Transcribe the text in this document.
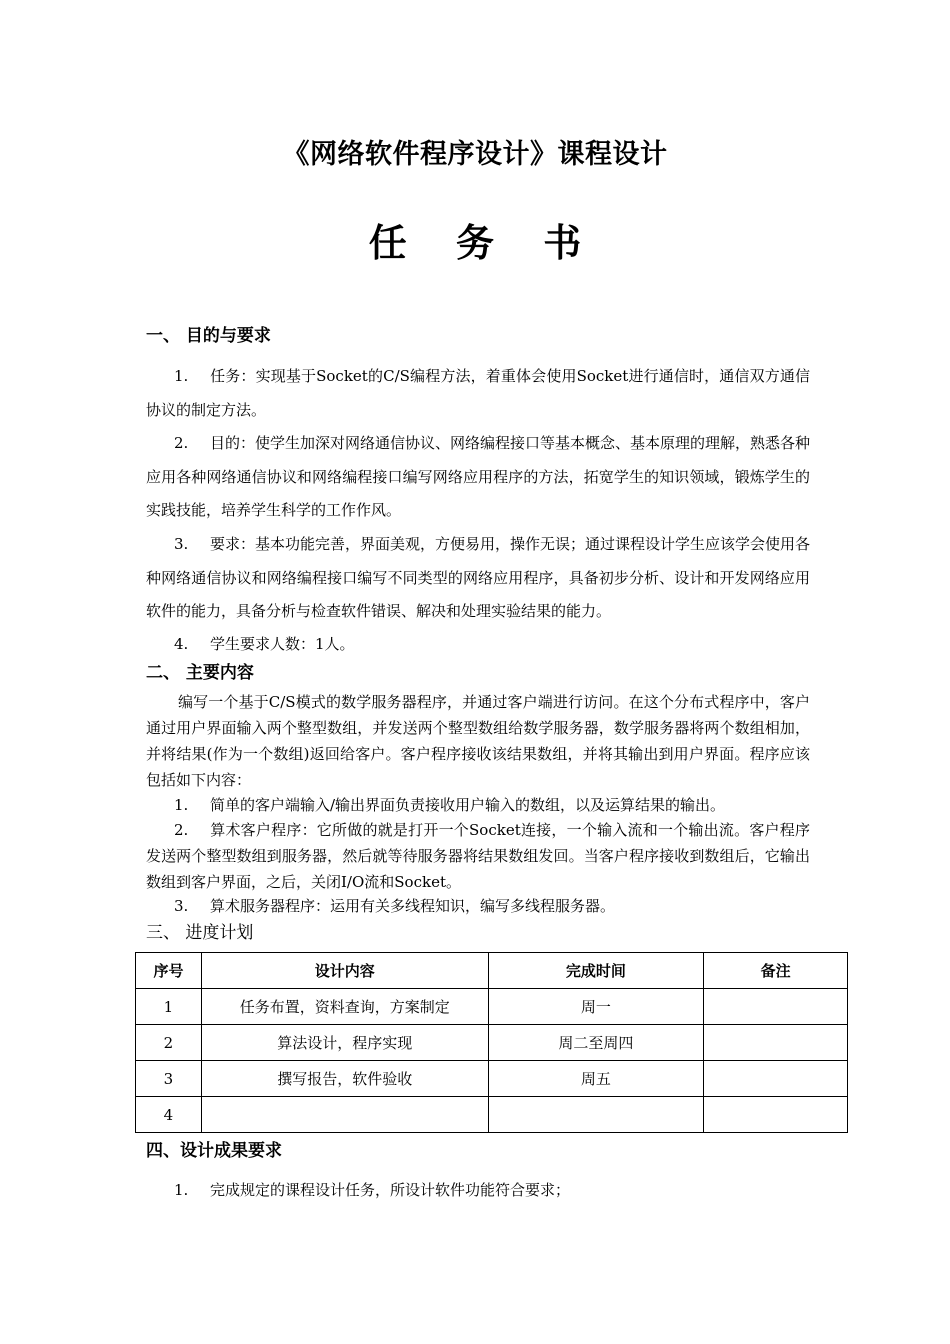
《网络软件程序设计》课程设计
任 务 书
一、 目的与要求
1. 任务：实现基于Socket的C/S编程方法，着重体会使用Socket进行通信时，通信双方通信协议的制定方法。
2. 目的：使学生加深对网络通信协议、网络编程接口等基本概念、基本原理的理解，熟悉各种应用各种网络通信协议和网络编程接口编写网络应用程序的方法，拓宽学生的知识领域，锻炼学生的实践技能，培养学生科学的工作作风。
3. 要求：基本功能完善，界面美观，方便易用，操作无误；通过课程设计学生应该学会使用各种网络通信协议和网络编程接口编写不同类型的网络应用程序，具备初步分析、设计和开发网络应用软件的能力，具备分析与检查软件错误、解决和处理实验结果的能力。
4. 学生要求人数：1人。
二、 主要内容
编写一个基于C/S模式的数学服务器程序，并通过客户端进行访问。在这个分布式程序中，客户通过用户界面输入两个整型数组，并发送两个整型数组给数学服务器，数学服务器将两个数组相加，并将结果(作为一个数组)返回给客户。客户程序接收该结果数组，并将其输出到用户界面。程序应该包括如下内容：
1. 简单的客户端输入/输出界面负责接收用户输入的数组，以及运算结果的输出。
2. 算术客户程序：它所做的就是打开一个Socket连接，一个输入流和一个输出流。客户程序发送两个整型数组到服务器，然后就等待服务器将结果数组发回。当客户程序接收到数组后，它输出数组到客户界面，之后，关闭I/O流和Socket。
3. 算术服务器程序：运用有关多线程知识，编写多线程服务器。
三、 进度计划
序号	设计内容	完成时间	备注
1	任务布置，资料查询，方案制定	周一	
2	算法设计，程序实现	周二至周四	
3	撰写报告，软件验收	周五	
4			
四、设计成果要求
1. 完成规定的课程设计任务，所设计软件功能符合要求；
